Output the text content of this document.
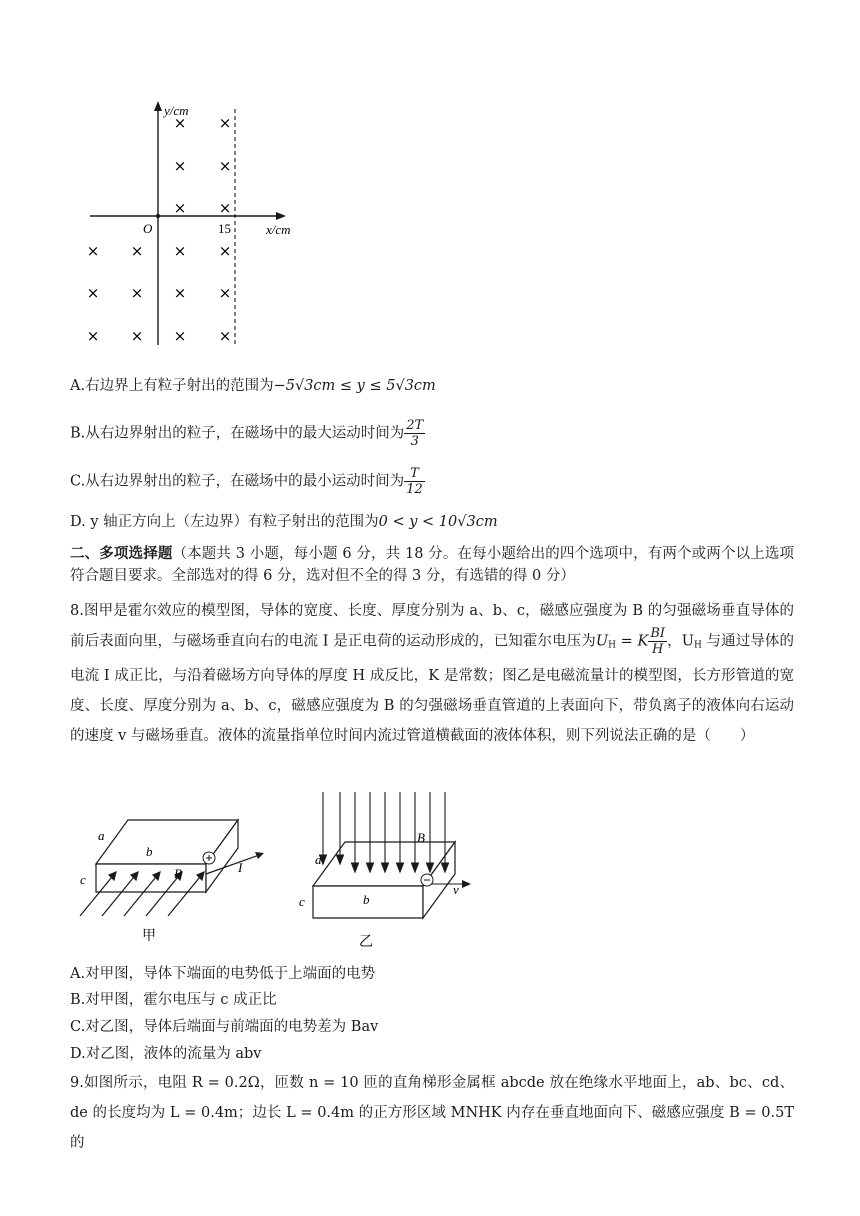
y/cm
x/cm
O	15
× ×
× ×
× ×
× × × ×
× × × ×
× × × ×
A.右边界上有粒子射出的范围为−5√3cm ≤ y ≤ 5√3cm
B.从右边界射出的粒子，在磁场中的最大运动时间为 $\frac{2T}{3}$
C.从右边界射出的粒子，在磁场中的最小运动时间为 $\frac{T}{12}$
D. y 轴正方向上（左边界）有粒子射出的范围为0 < y < 10√3cm
二、多项选择题（本题共 3 小题，每小题 6 分，共 18 分。在每小题给出的四个选项中，有两个或两个以上选项符合题目要求。全部选对的得 6 分，选对但不全的得 3 分，有选错的得 0 分）
8.图甲是霍尔效应的模型图，导体的宽度、长度、厚度分别为 a、b、c，磁感应强度为 B 的匀强磁场垂直导体的前后表面向里，与磁场垂直向右的电流 I 是正电荷的运动形成的，已知霍尔电压为$U_H = K \frac{BI}{H}$ ，$U_H$ 与通过导体的电流 I 成正比，与沿着磁场方向导体的厚度 H 成反比，K 是常数；图乙是电磁流量计的模型图，长方形管道的宽度、长度、厚度分别为 a、b、c，磁感应强度为 B 的匀强磁场垂直管道的上表面向下，带负离子的液体向右运动的速度 v 与磁场垂直。液体的流量指单位时间内流过管道横截面的液体体积，则下列说法正确的是（　　）
a
b
c	B	I
甲
a
b
c
B
v
乙
A.对甲图，导体下端面的电势低于上端面的电势
B.对甲图，霍尔电压与 c 成正比
C.对乙图，导体后端面与前端面的电势差为 Bav
D.对乙图，液体的流量为 abv
9.如图所示，电阻 R = 0.2Ω，匝数 n = 10 匝的直角梯形金属框 abcde 放在绝缘水平地面上，ab、bc、cd、de 的长度均为 L = 0.4m；边长 L = 0.4m 的正方形区域 MNHK 内存在垂直地面向下、磁感应强度 B = 0.5T 的
